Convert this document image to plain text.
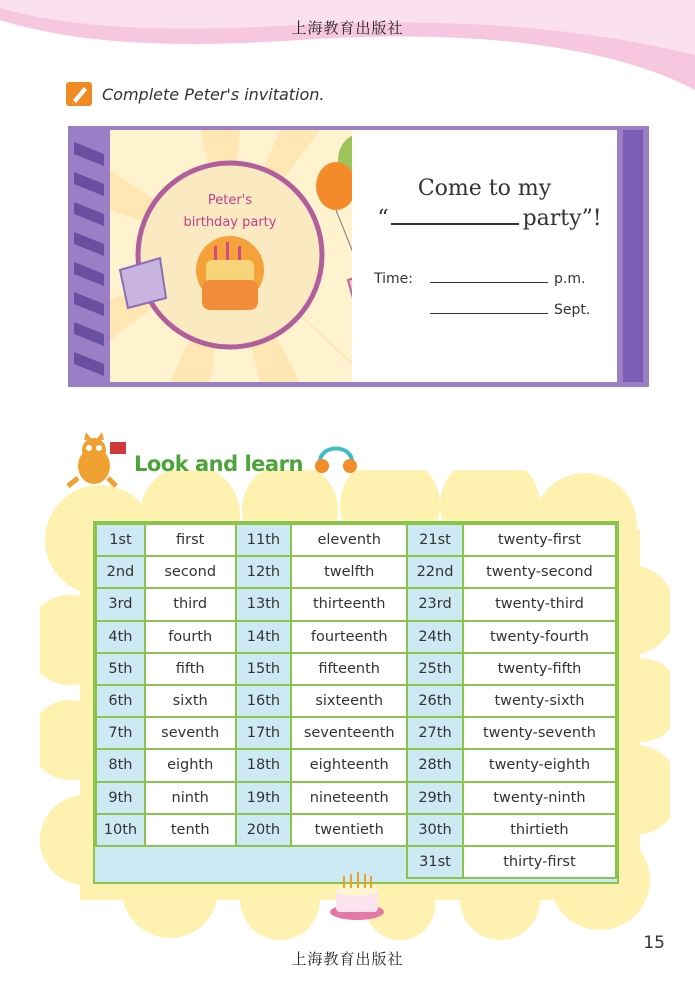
上海教育出版社
Complete Peter's invitation.
Peter's
birthday party
Come to my
“	party”!
Time:	p.m.
Sept.
Look and learn
1st	first	11th	eleventh	21st	twenty-first
2nd	second	12th	twelfth	22nd	twenty-second
3rd	third	13th	thirteenth	23rd	twenty-third
4th	fourth	14th	fourteenth	24th	twenty-fourth
5th	fifth	15th	fifteenth	25th	twenty-fifth
6th	sixth	16th	sixteenth	26th	twenty-sixth
7th	seventh	17th	seventeenth	27th	twenty-seventh
8th	eighth	18th	eighteenth	28th	twenty-eighth
9th	ninth	19th	nineteenth	29th	twenty-ninth
10th	tenth	20th	twentieth	30th	thirtieth
				31st	thirty-first
上海教育出版社
15
